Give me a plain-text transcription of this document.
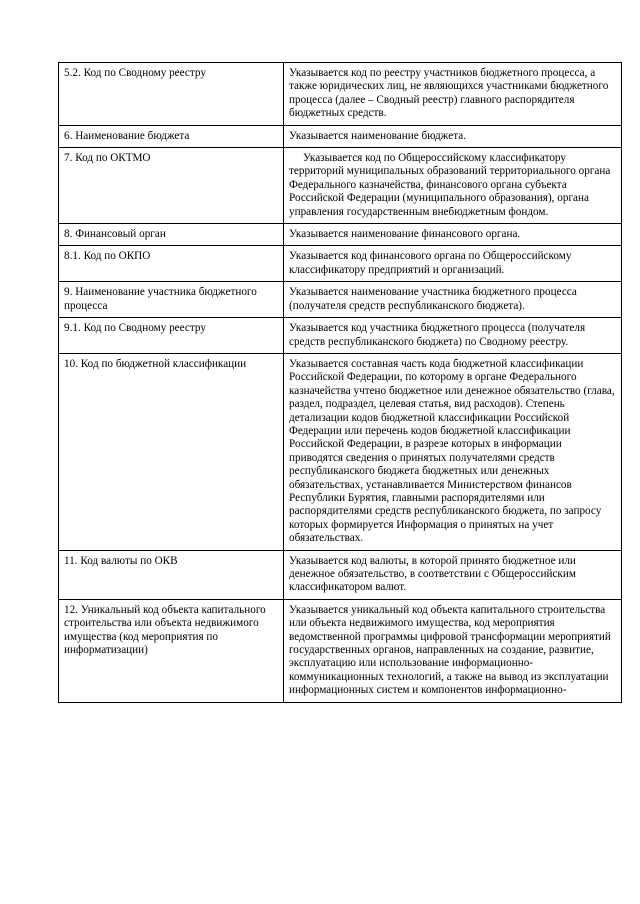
5.2. Код по Сводному реестру	Указывается код по реестру участников бюджетного процесса, а также юридических лиц, не являющихся участниками бюджетного процесса (далее – Сводный реестр) главного распорядителя бюджетных средств.
6. Наименование бюджета	Указывается наименование бюджета.
7. Код по ОКТМО	Указывается код по Общероссийскому классификатору территорий муниципальных образований территориального органа Федерального казначейства, финансового органа субъекта Российской Федерации (муниципального образования), органа управления государственным внебюджетным фондом.

8. Финансовый орган	Указывается наименование финансового органа.
8.1. Код по ОКПО	Указывается код финансового органа по Общероссийскому классификатору предприятий и организаций.
9. Наименование участника бюджетного процесса	Указывается наименование участника бюджетного процесса (получателя средств республиканского бюджета).
9.1. Код по Сводному реестру	Указывается код участника бюджетного процесса (получателя средств республиканского бюджета) по Сводному реестру.
10. Код по бюджетной классификации	Указывается составная часть кода бюджетной классификации Российской Федерации, по которому в органе Федерального казначейства учтено бюджетное или денежное обязательство (глава, раздел, подраздел, целевая статья, вид расходов). Степень детализации кодов бюджетной классификации Российской Федерации или перечень кодов бюджетной классификации Российской Федерации, в разрезе которых в информации приводятся сведения о принятых получателями средств республиканского бюджета бюджетных или денежных обязательствах, устанавливается Министерством финансов Республики Бурятия, главными распорядителями или распорядителями средств республиканского бюджета, по запросу которых формируется Информация о принятых на учет обязательствах.
11. Код валюты по ОКВ	Указывается код валюты, в которой принято бюджетное или денежное обязательство, в соответствии с Общероссийским классификатором валют.
12. Уникальный код объекта капитального строительства или объекта недвижимого имущества (код мероприятия по информатизации)	Указывается уникальный код объекта капитального строительства или объекта недвижимого имущества, код мероприятия ведомственной программы цифровой трансформации мероприятий государственных органов, направленных на создание, развитие, эксплуатацию или использование информационно-коммуникационных технологий, а также на вывод из эксплуатации информационных систем и компонентов информационно-
